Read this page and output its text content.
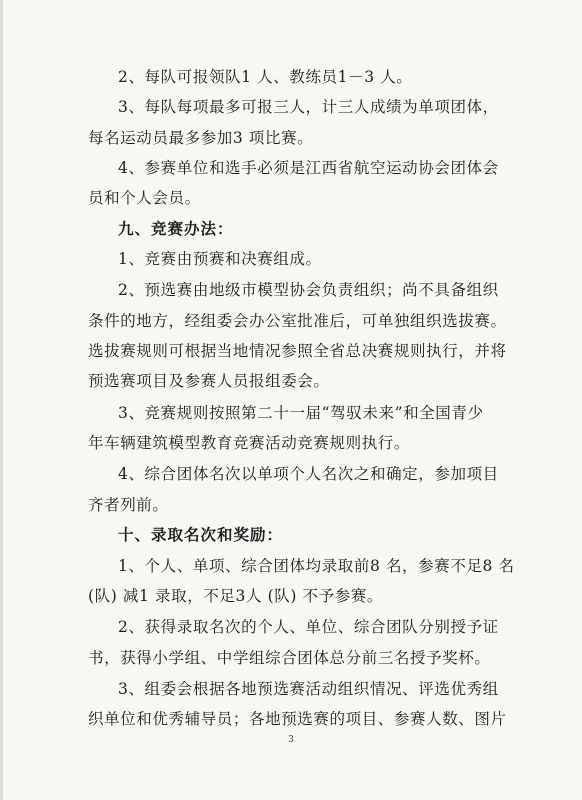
2、每队可报领队1 人、教练员1－3 人。
3、每队每项最多可报三人，计三人成绩为单项团体，
每名运动员最多参加3 项比赛。
4、参赛单位和选手必须是江西省航空运动协会团体会
员和个人会员。
九、竞赛办法：
1、竞赛由预赛和决赛组成。
2、预选赛由地级市模型协会负责组织；尚不具备组织
条件的地方，经组委会办公室批准后，可单独组织选拔赛。
选拔赛规则可根据当地情况参照全省总决赛规则执行，并将
预选赛项目及参赛人员报组委会。
3、竞赛规则按照第二十一届“驾驭未来”和全国青少
年车辆建筑模型教育竞赛活动竞赛规则执行。
4、综合团体名次以单项个人名次之和确定，参加项目
齐者列前。
十、录取名次和奖励：
1、个人、单项、综合团体均录取前8 名，参赛不足8 名
(队) 减1 录取，不足3人 (队) 不予参赛。
2、获得录取名次的个人、单位、综合团队分别授予证
书，获得小学组、中学组综合团体总分前三名授予奖杯。
3、组委会根据各地预选赛活动组织情况、评选优秀组
织单位和优秀辅导员；各地预选赛的项目、参赛人数、图片
3
